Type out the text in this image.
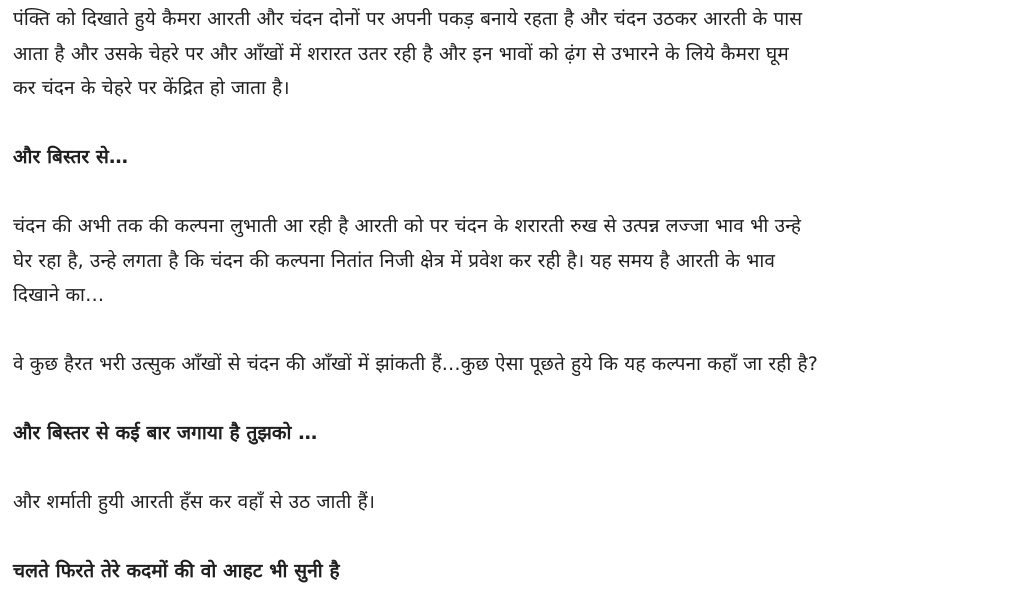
पंक्ति को दिखाते हुये कैमरा आरती और चंदन दोनों पर अपनी पकड़ बनाये रहता है और चंदन उठकर आरती के पास
आता है और उसके चेहरे पर और आँखों में शरारत उतर रही है और इन भावों को ढ़ंग से उभारने के लिये कैमरा घूम
कर चंदन के चेहरे पर केंद्रित हो जाता है।

और बिस्तर से…

चंदन की अभी तक की कल्पना लुभाती आ रही है आरती को पर चंदन के शरारती रुख से उत्पन्न लज्जा भाव भी उन्हे
घेर रहा है, उन्हे लगता है कि चंदन की कल्पना नितांत निजी क्षेत्र में प्रवेश कर रही है। यह समय है आरती के भाव
दिखाने का…

वे कुछ हैरत भरी उत्सुक आँखों से चंदन की आँखों में झांकती हैं…कुछ ऐसा पूछते हुये कि यह कल्पना कहाँ जा रही है?

और बिस्तर से कई बार जगाया है तुझको …

और शर्माती हुयी आरती हँस कर वहाँ से उठ जाती हैं।

चलते फिरते तेरे कदमों की वो आहट भी सुनी है
